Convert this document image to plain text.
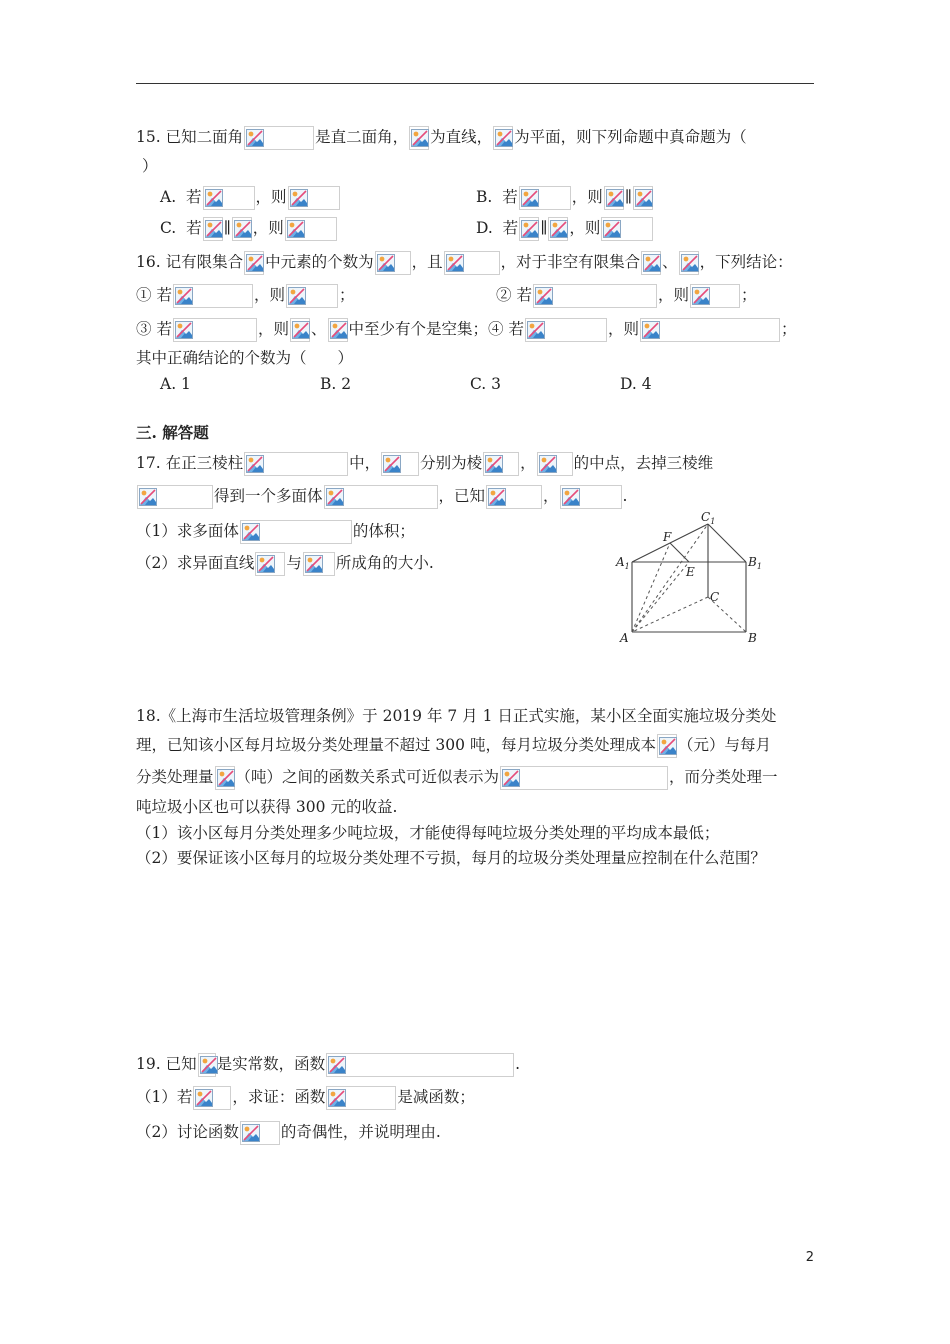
15. 已知二面角	是直二面角， 为直线， 为平面，则下列命题中真命题为（
）
A. 若	，则	B. 若	，则 ∥
C. 若 ∥ ，则	D. 若 ∥ ，则
16. 记有限集合 中元素的个数为 ，且	，对于非空有限集合 、 ，下列结论：
① 若	，则	；	② 若	，则	；
③ 若	，则 、 中至少有个是空集；④ 若	，则	；
其中正确结论的个数为（　　）
A. 1	B. 2	C. 3	D. 4
三. 解答题
17. 在正三棱柱	中，	分别为棱 ， 的中点，去掉三棱维
得到一个多面体	，已知	，	.
（1）求多面体	的体积；
（2）求异面直线 与 所成角的大小.
$C_1$
F
$A_1$	E
$B_1$
C
A	B
18.《上海市生活垃圾管理条例》于 2019 年 7 月 1 日正式实施，某小区全面实施垃圾分类处
理，已知该小区每月垃圾分类处理量不超过 300 吨，每月垃圾分类处理成本 （元）与每月
分类处理量 （吨）之间的函数关系式可近似表示为	，而分类处理一
吨垃圾小区也可以获得 300 元的收益.
（1）该小区每月分类处理多少吨垃圾，才能使得每吨垃圾分类处理的平均成本最低；
（2）要保证该小区每月的垃圾分类处理不亏损，每月的垃圾分类处理量应控制在什么范围？
19. 已知 是实常数，函数	.
（1）若	，求证：函数	是减函数；
（2）讨论函数	的奇偶性，并说明理由.
2
